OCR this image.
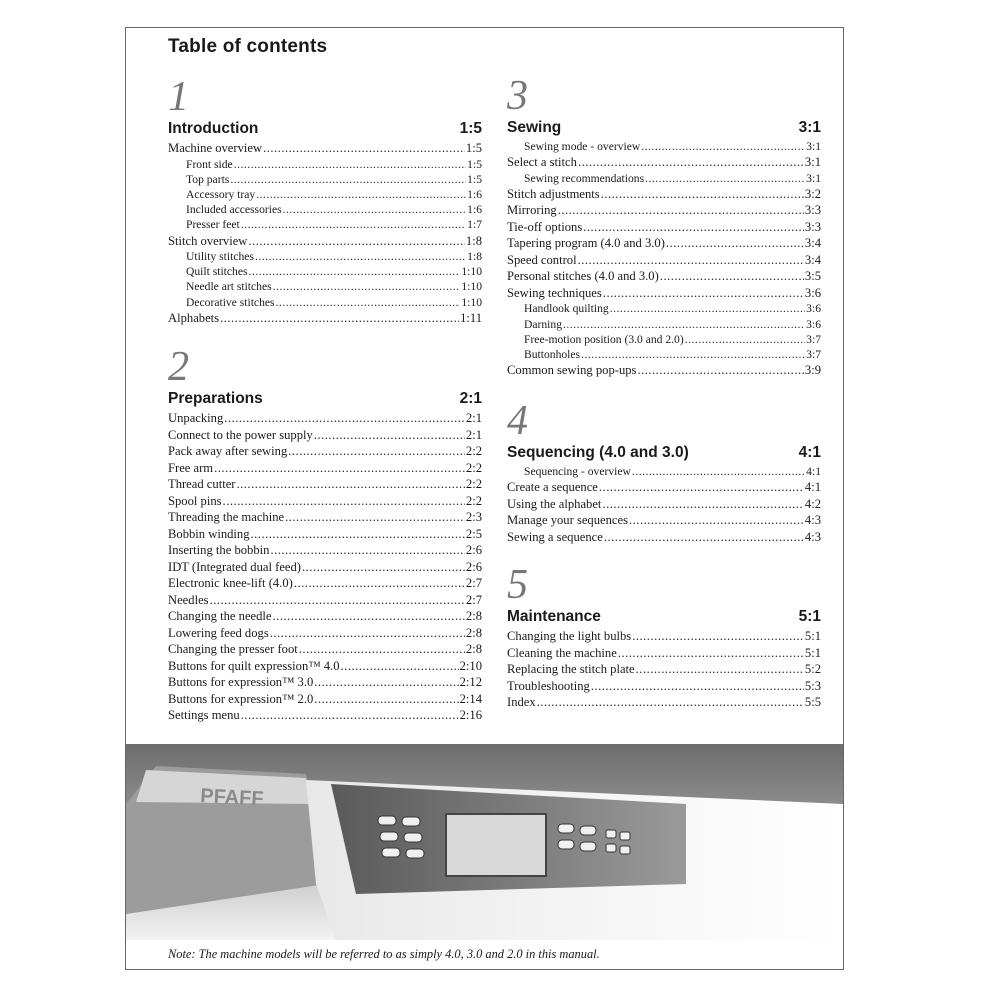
Table of contents
1
Introduction	1:5
Machine overview .....	1:5
Front side .....	1:5
Top parts .....	1:5
Accessory tray .....	1:6
Included accessories .....	1:6
Presser feet .....	1:7
Stitch overview .....	1:8
Utility stitches .....	1:8
Quilt stitches .....	1:10
Needle art stitches .....	1:10
Decorative stitches .....	1:10
Alphabets .....	1:11
2
Preparations	2:1
Unpacking .....	2:1
Connect to the power supply .....	2:1
Pack away after sewing .....	2:2
Free arm .....	2:2
Thread cutter .....	2:2
Spool pins .....	2:2
Threading the machine .....	2:3
Bobbin winding .....	2:5
Inserting the bobbin .....	2:6
IDT (Integrated dual feed) .....	2:6
Electronic knee-lift (4.0) .....	2:7
Needles .....	2:7
Changing the needle .....	2:8
Lowering feed dogs .....	2:8
Changing the presser foot .....	2:8
Buttons for quilt expression™ 4.0 .....	2:10
Buttons for expression™ 3.0 .....	2:12
Buttons for expression™ 2.0 .....	2:14
Settings menu .....	2:16
3
Sewing	3:1
Sewing mode - overview .....	3:1
Select a stitch .....	3:1
Sewing recommendations .....	3:1
Stitch adjustments .....	3:2
Mirroring .....	3:3
Tie-off options .....	3:3
Tapering program (4.0 and 3.0) .....	3:4
Speed control .....	3:4
Personal stitches (4.0 and 3.0) .....	3:5
Sewing techniques .....	3:6
Handlook quilting .....	3:6
Darning .....	3:6
Free-motion position (3.0 and 2.0) .....	3:7
Buttonholes .....	3:7
Common sewing pop-ups .....	3:9
4
Sequencing (4.0 and 3.0)	4:1
Sequencing - overview .....	4:1
Create a sequence .....	4:1
Using the alphabet .....	4:2
Manage your sequences .....	4:3
Sewing a sequence .....	4:3
5
Maintenance	5:1
Changing the light bulbs .....	5:1
Cleaning the machine .....	5:1
Replacing the stitch plate .....	5:2
Troubleshooting .....	5:3
Index .....	5:5
PFAFF
Note: The machine models will be referred to as simply 4.0, 3.0 and 2.0 in this manual.
